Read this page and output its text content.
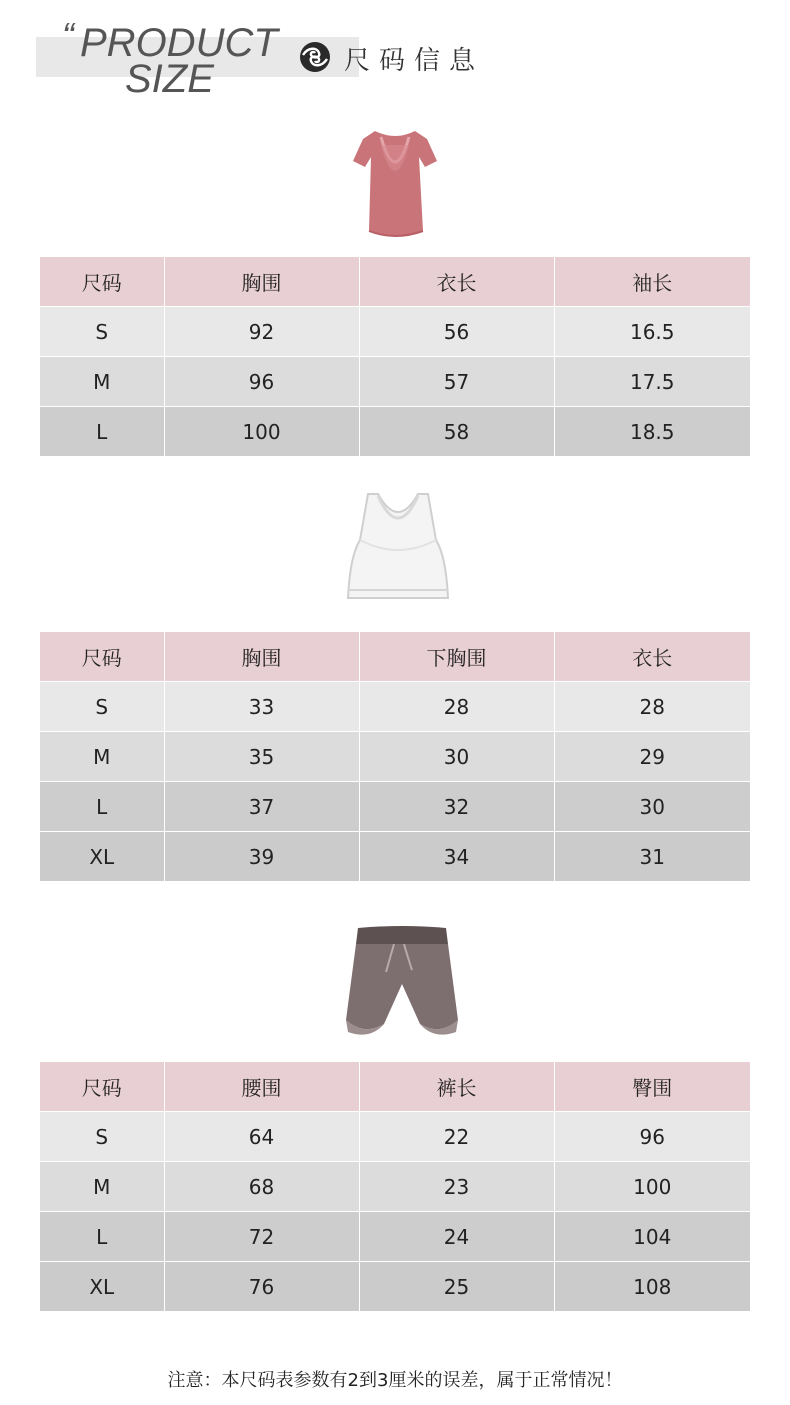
“ PRODUCT
SIZE	尺码信息
尺码	胸围	衣长	袖长
S	92	56	16.5
M	96	57	17.5
L	100	58	18.5
尺码	胸围	下胸围	衣长
S	33	28	28
M	35	30	29
L	37	32	30
XL	39	34	31
尺码	腰围	裤长	臀围
S	64	22	96
M	68	23	100
L	72	24	104
XL	76	25	108
注意：本尺码表参数有2到3厘米的误差，属于正常情况！
